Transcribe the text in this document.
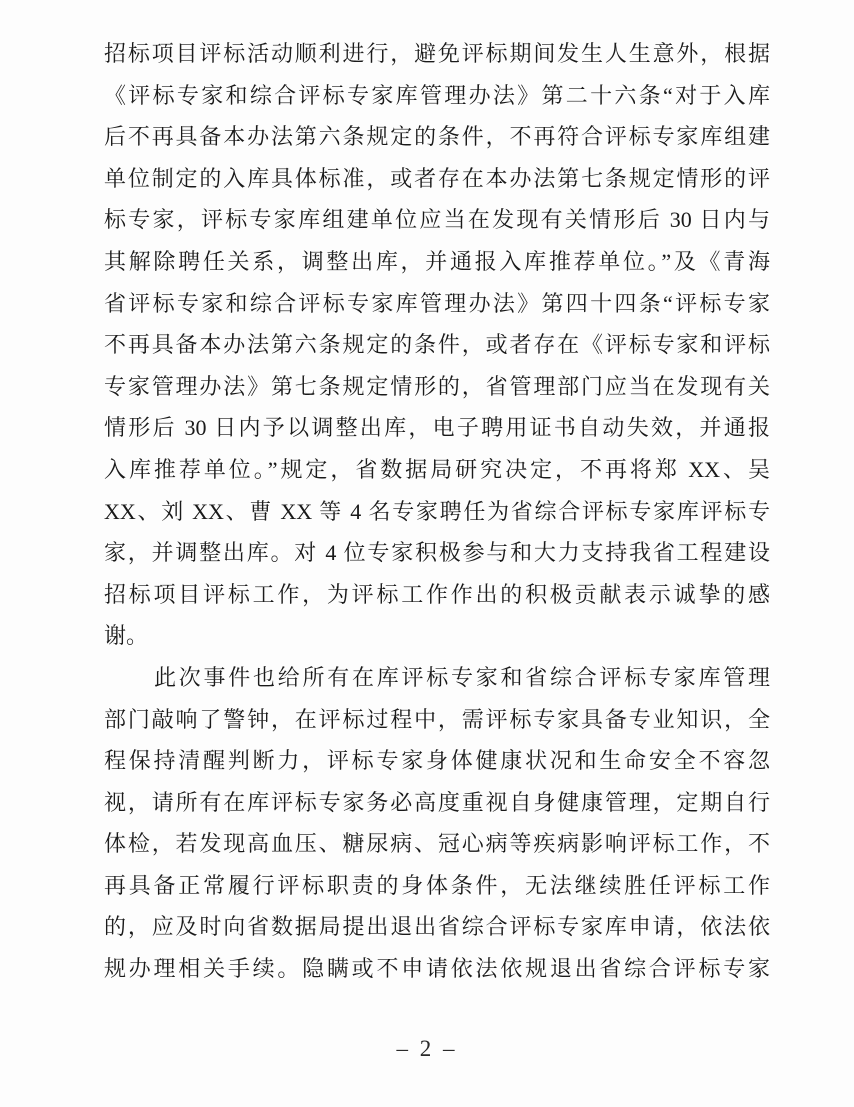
招标项目评标活动顺利进行，避免评标期间发生人生意外，根据
《评标专家和综合评标专家库管理办法》第二十六条“对于入库
后不再具备本办法第六条规定的条件，不再符合评标专家库组建
单位制定的入库具体标准，或者存在本办法第七条规定情形的评
标专家，评标专家库组建单位应当在发现有关情形后 30 日内与
其解除聘任关系，调整出库，并通报入库推荐单位。”及《青海
省评标专家和综合评标专家库管理办法》第四十四条“评标专家
不再具备本办法第六条规定的条件，或者存在《评标专家和评标
专家管理办法》第七条规定情形的，省管理部门应当在发现有关
情形后 30 日内予以调整出库，电子聘用证书自动失效，并通报
入库推荐单位。”规定，省数据局研究决定，不再将郑 XX、吴
XX、刘 XX、曹 XX 等 4 名专家聘任为省综合评标专家库评标专
家，并调整出库。对 4 位专家积极参与和大力支持我省工程建设
招标项目评标工作，为评标工作作出的积极贡献表示诚挚的感
谢。
此次事件也给所有在库评标专家和省综合评标专家库管理
部门敲响了警钟，在评标过程中，需评标专家具备专业知识，全
程保持清醒判断力，评标专家身体健康状况和生命安全不容忽
视，请所有在库评标专家务必高度重视自身健康管理，定期自行
体检，若发现高血压、糖尿病、冠心病等疾病影响评标工作，不
再具备正常履行评标职责的身体条件，无法继续胜任评标工作
的，应及时向省数据局提出退出省综合评标专家库申请，依法依
规办理相关手续。隐瞒或不申请依法依规退出省综合评标专家
– 2 –
